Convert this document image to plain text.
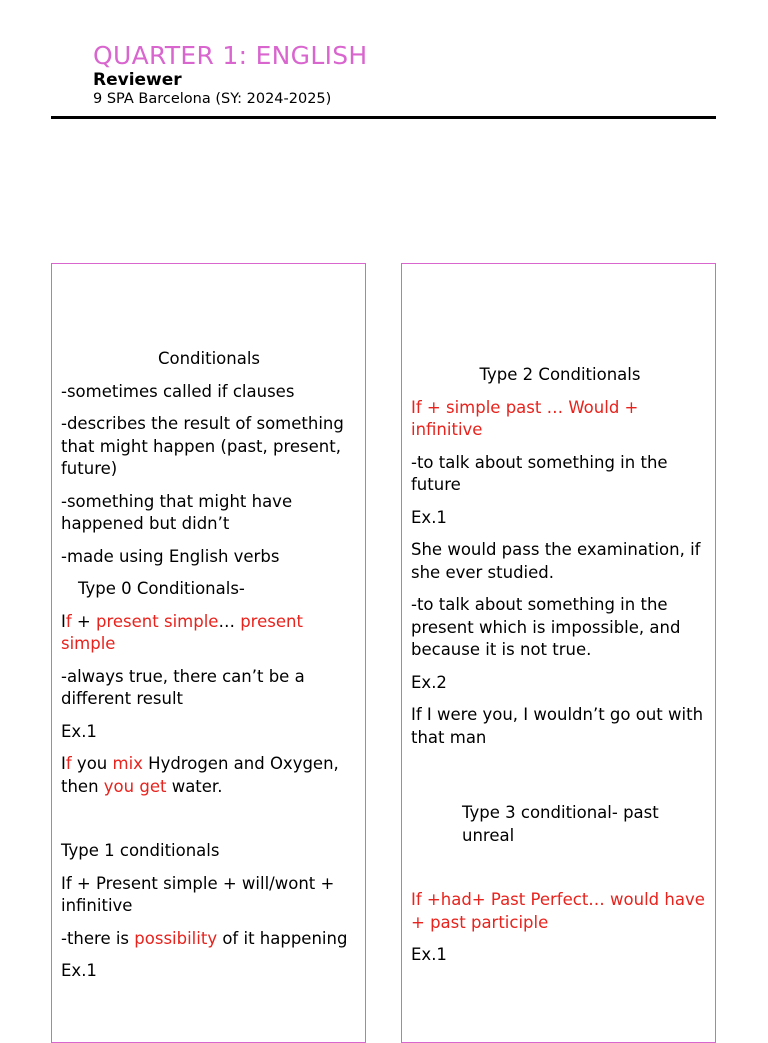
QUARTER 1: ENGLISH
Reviewer
9 SPA Barcelona (SY: 2024-2025)

Conditionals

-sometimes called if clauses

-describes the result of something that might happen (past, present, future)

-something that might have happened but didn’t

-made using English verbs

Type 0 Conditionals-

If + present simple… present simple

-always true, there can’t be a different result

Ex.1

If you mix Hydrogen and Oxygen, then you get water.

Type 1 conditionals

If + Present simple + will/wont + infinitive

-there is possibility of it happening

Ex.1

Type 2 Conditionals

If + simple past … Would + infinitive

-to talk about something in the future

Ex.1

She would pass the examination, if she ever studied.

-to talk about something in the present which is impossible, and because it is not true.

Ex.2

If I were you, I wouldn’t go out with that man

Type 3 conditional- past unreal

If +had+ Past Perfect… would have + past participle

Ex.1
